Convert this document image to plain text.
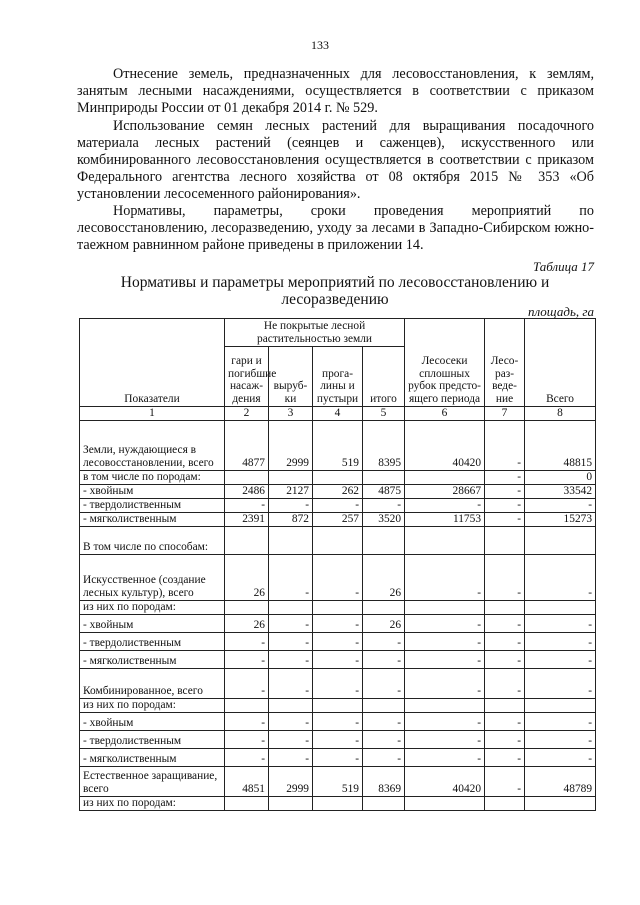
133

Отнесение земель, предназначенных для лесовосстановления, к землям, занятым лесными насаждениями, осуществляется в соответствии с приказом Минприроды России от 01 декабря 2014 г. № 529.

Использование семян лесных растений для выращивания посадочного материала лесных растений (сеянцев и саженцев), искусственного или комбинированного лесовосстановления осуществляется в соответствии с приказом Федерального агентства лесного хозяйства от 08 октября 2015 № 353 «Об установлении лесосеменного районирования».

Нормативы, параметры, сроки проведения мероприятий по лесовосстановлению, лесоразведению, уходу за лесами в Западно-Сибирском южно-таежном равнинном районе приведены в приложении 14.

Таблица 17
Нормативы и параметры мероприятий по лесовосстановлению и лесоразведению
площадь, га
Показатели	Не покрытые лесной растительностью земли				Лесосеки сплошных рубок предсто-ящего периода	Лесо-раз-веде-ние	Всего
	гари и погибшие насаж-дения	выруб-ки	прога-лины и пустыри	итого			
1	2	3	4	5	6	7	8
Земли, нуждающиеся в лесовосстановлении, всего	4877	2999	519	8395	40420	-	48815
в том числе по породам:						-	0
- хвойным	2486	2127	262	4875	28667	-	33542
- твердолиственным	-	-	-	-	-	-	-
- мягколиственным	2391	872	257	3520	11753	-	15273
В том числе по способам:							
Искусственное (создание лесных культур), всего	26	-	-	26	-	-	-
из них по породам:							
- хвойным	26	-	-	26	-	-	-
- твердолиственным	-	-	-	-	-	-	-
- мягколиственным	-	-	-	-	-	-	-
Комбинированное, всего	-	-	-	-	-	-	-
из них по породам:							
- хвойным	-	-	-	-	-	-	-
- твердолиственным	-	-	-	-	-	-	-
- мягколиственным	-	-	-	-	-	-	-
Естественное заращивание, всего	4851	2999	519	8369	40420	-	48789
из них по породам:							
